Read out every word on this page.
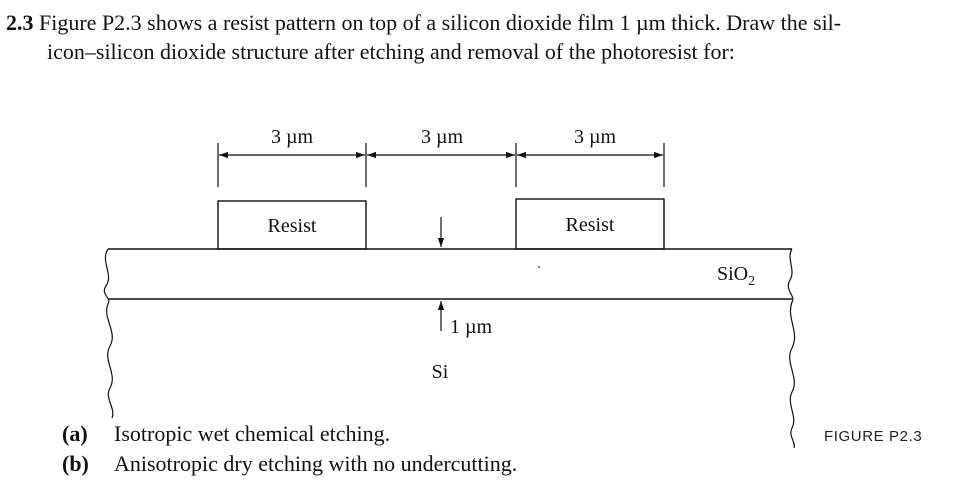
2.3 Figure P2.3 shows a resist pattern on top of a silicon dioxide film 1 µm thick. Draw the sil-
icon–silicon dioxide structure after etching and removal of the photoresist for:
3 µm	3 µm	3 µm
Resist	Resist
1 µm
SiO$_2$
Si
(a) Isotropic wet chemical etching.
(b) Anisotropic dry etching with no undercutting.
FIGURE P2.3
